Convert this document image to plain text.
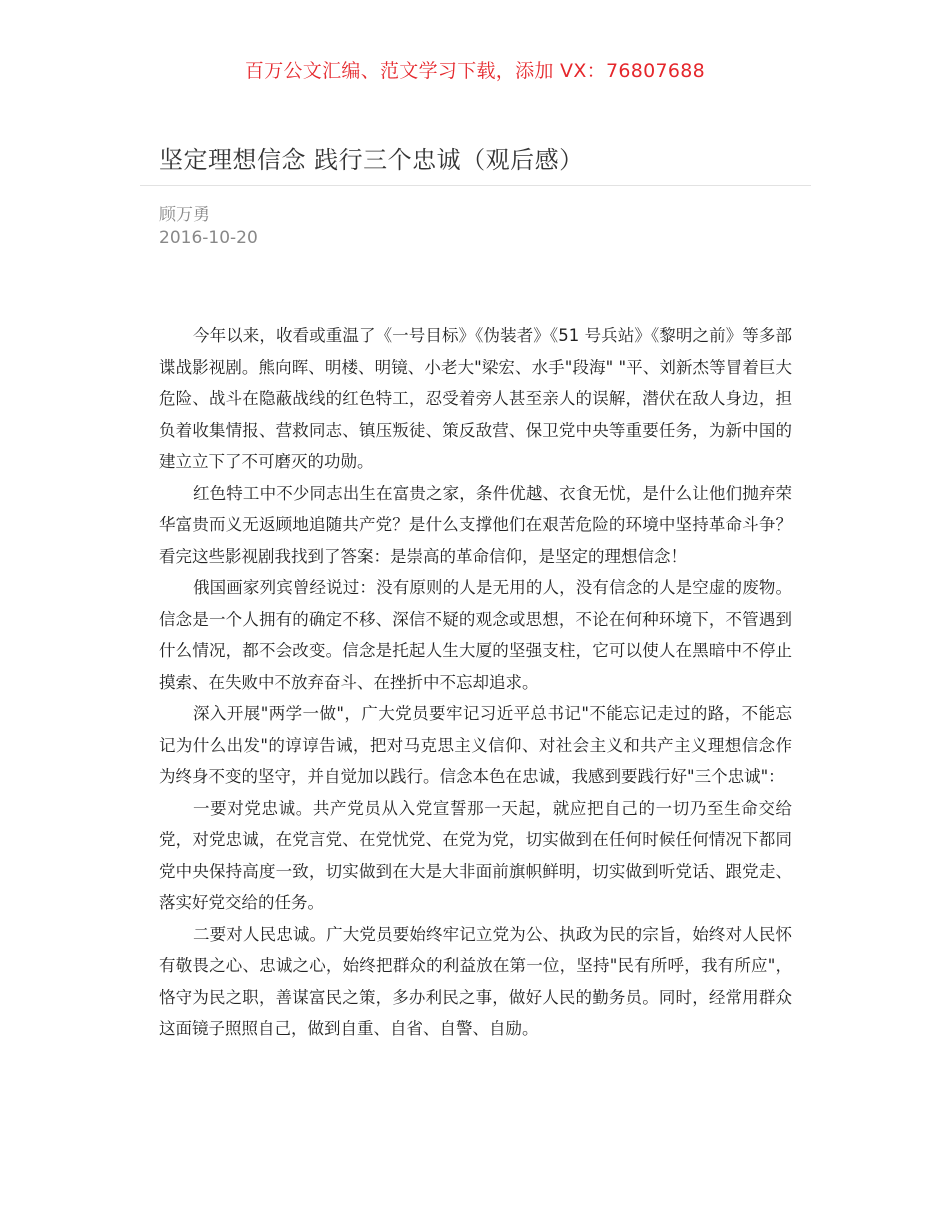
百万公文汇编、范文学习下载，添加 VX：76807688
坚定理想信念 践行三个忠诚（观后感）
顾万勇
2016-10-20

今年以来，收看或重温了《一号目标》《伪装者》《51 号兵站》《黎明之前》等多部谍战影视剧。熊向晖、明楼、明镜、小老大"梁宏、水手"段海" "平、刘新杰等冒着巨大危险、战斗在隐蔽战线的红色特工，忍受着旁人甚至亲人的误解，潜伏在敌人身边，担负着收集情报、营救同志、镇压叛徒、策反敌营、保卫党中央等重要任务，为新中国的建立立下了不可磨灭的功勋。

红色特工中不少同志出生在富贵之家，条件优越、衣食无忧，是什么让他们抛弃荣华富贵而义无返顾地追随共产党？是什么支撑他们在艰苦危险的环境中坚持革命斗争？看完这些影视剧我找到了答案：是崇高的革命信仰，是坚定的理想信念！

俄国画家列宾曾经说过：没有原则的人是无用的人，没有信念的人是空虚的废物。信念是一个人拥有的确定不移、深信不疑的观念或思想，不论在何种环境下，不管遇到什么情况，都不会改变。信念是托起人生大厦的坚强支柱，它可以使人在黑暗中不停止摸索、在失败中不放弃奋斗、在挫折中不忘却追求。

深入开展"两学一做"，广大党员要牢记习近平总书记"不能忘记走过的路，不能忘记为什么出发"的谆谆告诫，把对马克思主义信仰、对社会主义和共产主义理想信念作为终身不变的坚守，并自觉加以践行。信念本色在忠诚，我感到要践行好"三个忠诚"：

一要对党忠诚。共产党员从入党宣誓那一天起，就应把自己的一切乃至生命交给党，对党忠诚，在党言党、在党忧党、在党为党，切实做到在任何时候任何情况下都同党中央保持高度一致，切实做到在大是大非面前旗帜鲜明，切实做到听党话、跟党走、落实好党交给的任务。

二要对人民忠诚。广大党员要始终牢记立党为公、执政为民的宗旨，始终对人民怀有敬畏之心、忠诚之心，始终把群众的利益放在第一位，坚持"民有所呼，我有所应"，恪守为民之职，善谋富民之策，多办利民之事，做好人民的勤务员。同时，经常用群众这面镜子照照自己，做到自重、自省、自警、自励。
